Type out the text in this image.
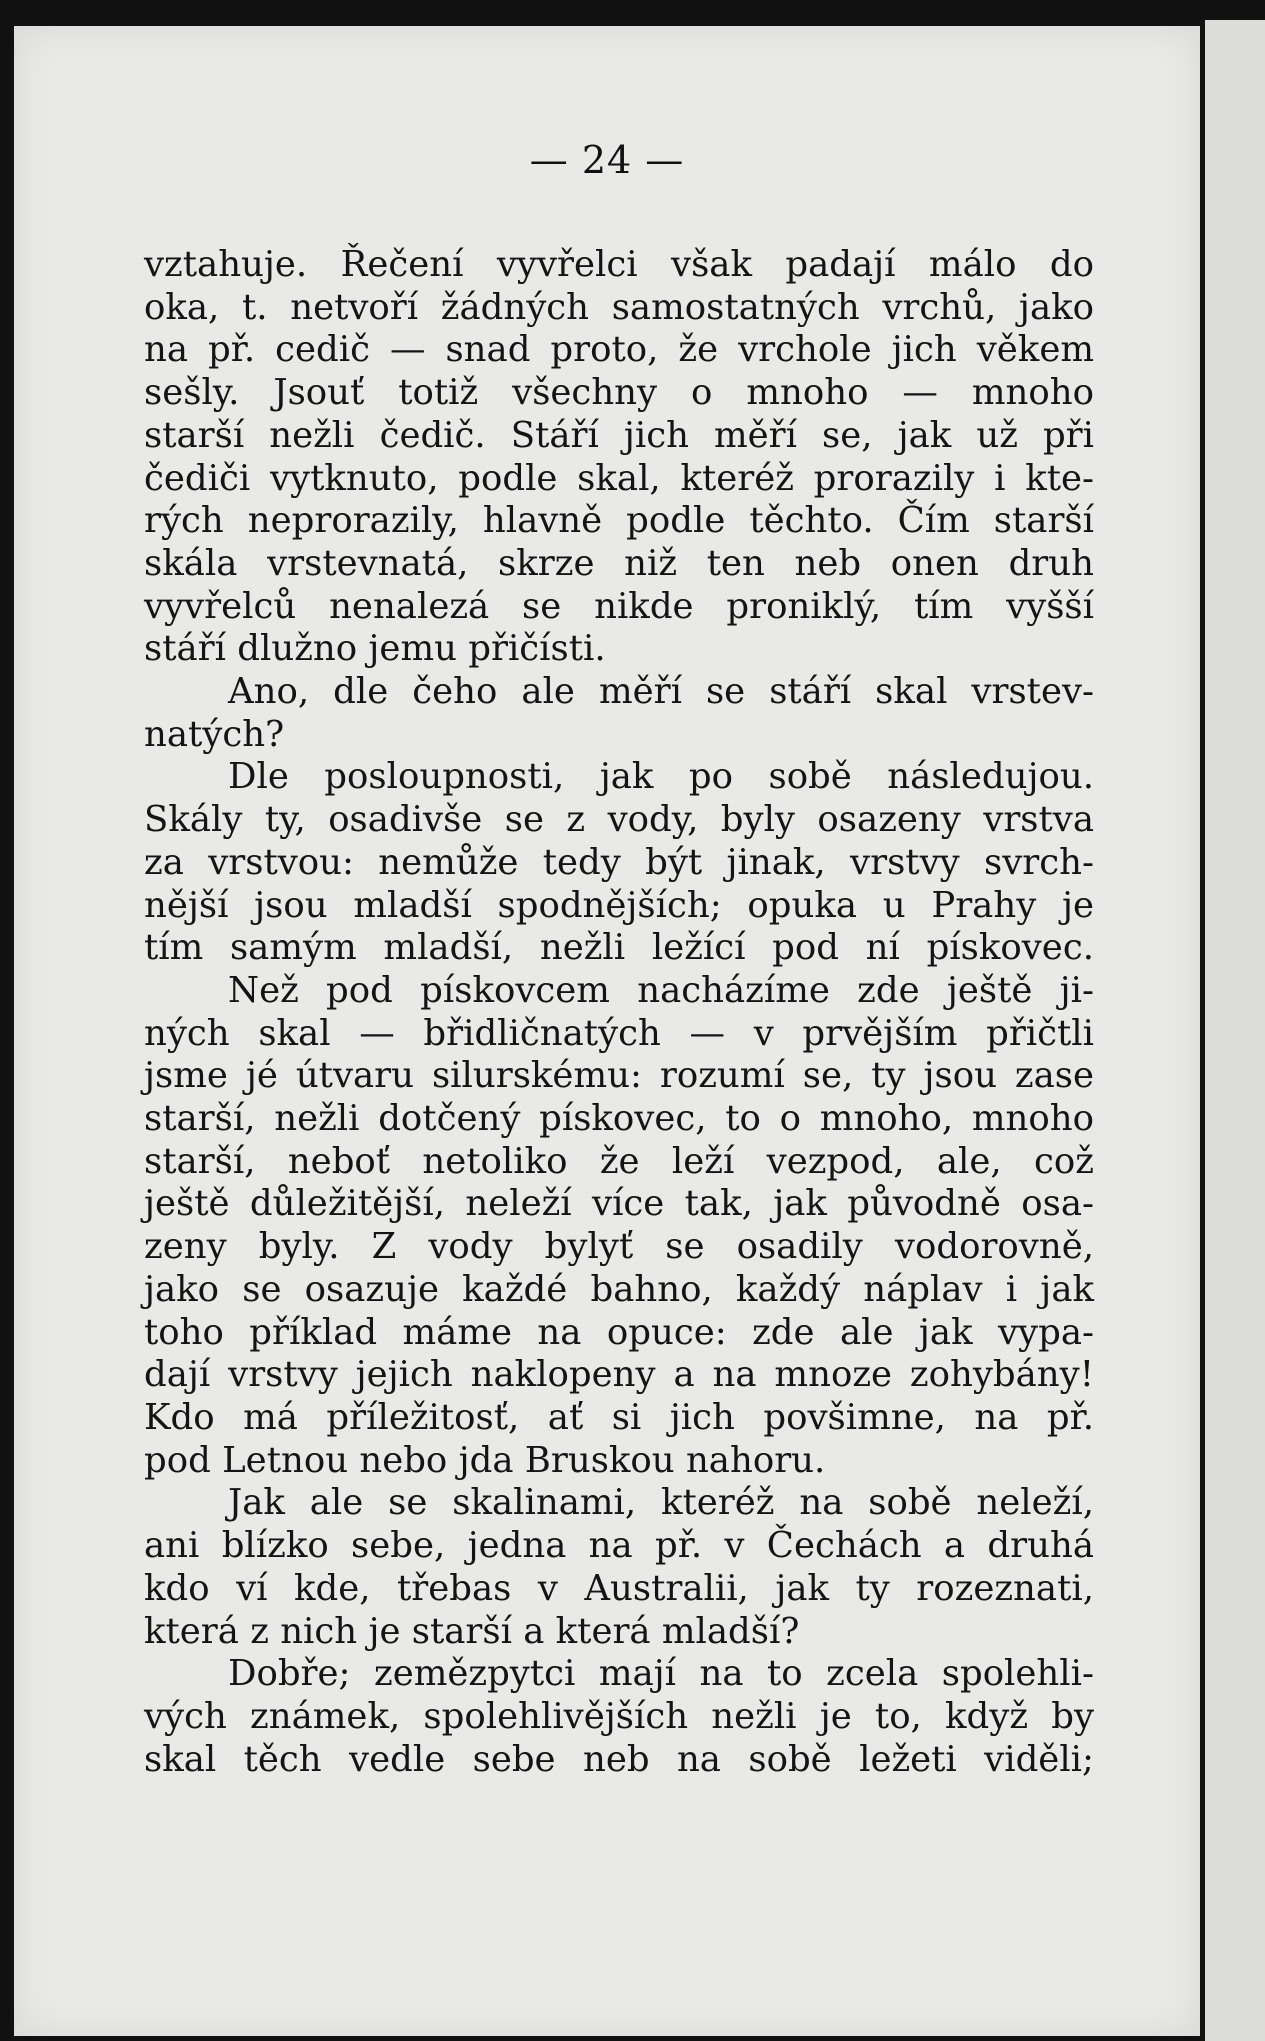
— 24 —
vztahuje. Řečení vyvřelci však padají málo do
oka, t. netvoří žádných samostatných vrchů, jako
na př. cedič — snad proto, že vrchole jich věkem
sešly. Jsouť totiž všechny o mnoho — mnoho
starší nežli čedič. Stáří jich měří se, jak už při
čediči vytknuto, podle skal, kteréž prorazily i kte-
rých neprorazily, hlavně podle těchto. Čím starší
skála vrstevnatá, skrze niž ten neb onen druh
vyvřelců nenalezá se nikde proniklý, tím vyšší
stáří dlužno jemu přičísti.
Ano, dle čeho ale měří se stáří skal vrstev-
natých?
Dle posloupnosti, jak po sobě následujou.
Skály ty, osadivše se z vody, byly osazeny vrstva
za vrstvou: nemůže tedy být jinak, vrstvy svrch-
nější jsou mladší spodnějších; opuka u Prahy je
tím samým mladší, nežli ležící pod ní pískovec.
Než pod pískovcem nacházíme zde ještě ji-
ných skal — břidličnatých — v prvějším přičtli
jsme jé útvaru silurskému: rozumí se, ty jsou zase
starší, nežli dotčený pískovec, to o mnoho, mnoho
starší, neboť netoliko že leží vezpod, ale, což
ještě důležitější, neleží více tak, jak původně osa-
zeny byly. Z vody bylyť se osadily vodorovně,
jako se osazuje každé bahno, každý náplav i jak
toho příklad máme na opuce: zde ale jak vypa-
dají vrstvy jejich naklopeny a na mnoze zohybány!
Kdo má příležitosť, ať si jich povšimne, na př.
pod Letnou nebo jda Bruskou nahoru.
Jak ale se skalinami, kteréž na sobě neleží,
ani blízko sebe, jedna na př. v Čechách a druhá
kdo ví kde, třebas v Australii, jak ty rozeznati,
která z nich je starší a která mladší?
Dobře; zemězpytci mají na to zcela spolehli-
vých známek, spolehlivějších nežli je to, když by
skal těch vedle sebe neb na sobě ležeti viděli;
